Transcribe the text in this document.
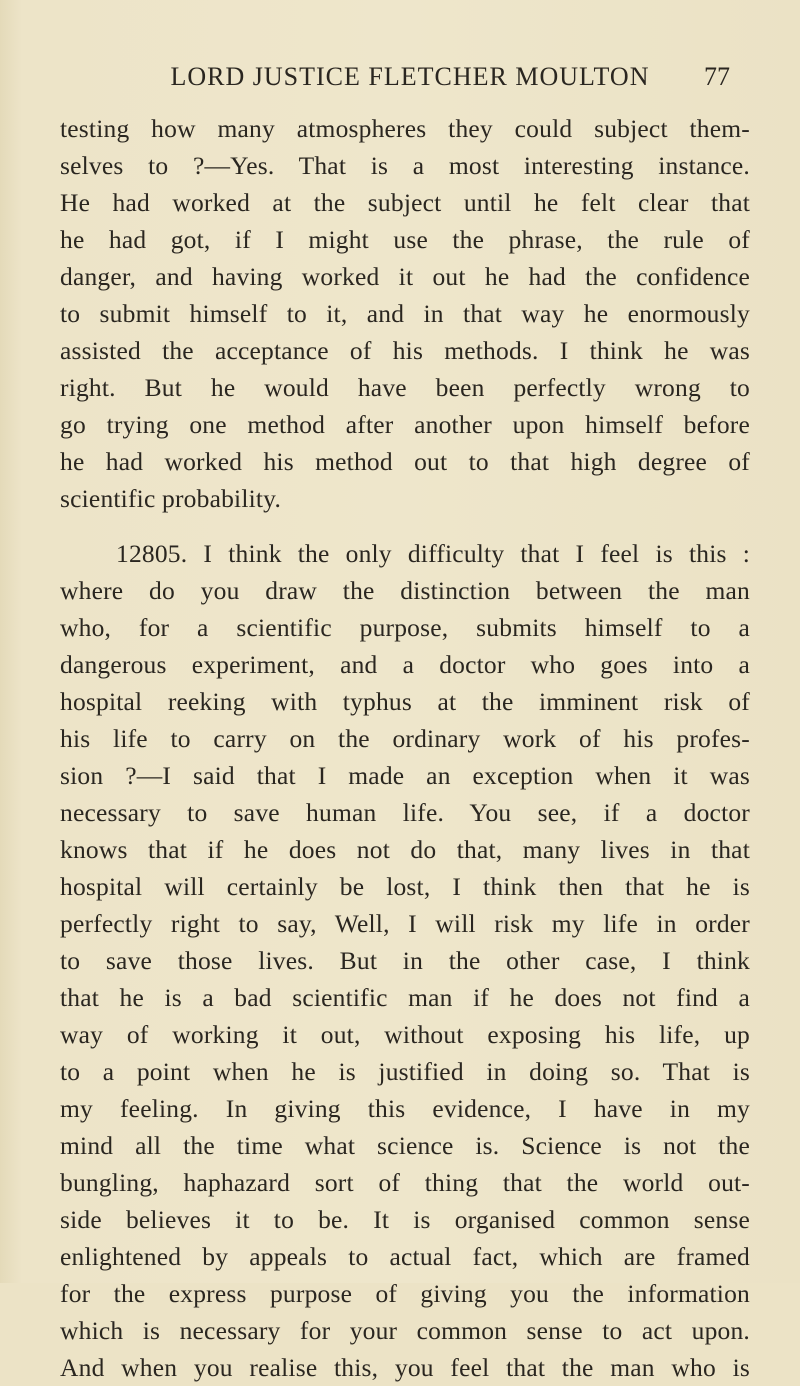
LORD JUSTICE FLETCHER MOULTON	77
testing how many atmospheres they could subject them-
selves to ?—Yes. That is a most interesting instance.
He had worked at the subject until he felt clear that
he had got, if I might use the phrase, the rule of
danger, and having worked it out he had the confidence
to submit himself to it, and in that way he enormously
assisted the acceptance of his methods. I think he was
right. But he would have been perfectly wrong to
go trying one method after another upon himself before
he had worked his method out to that high degree of
scientific probability.
12805. I think the only difficulty that I feel is this :
where do you draw the distinction between the man
who, for a scientific purpose, submits himself to a
dangerous experiment, and a doctor who goes into a
hospital reeking with typhus at the imminent risk of
his life to carry on the ordinary work of his profes-
sion ?—I said that I made an exception when it was
necessary to save human life. You see, if a doctor
knows that if he does not do that, many lives in that
hospital will certainly be lost, I think then that he is
perfectly right to say, Well, I will risk my life in order
to save those lives. But in the other case, I think
that he is a bad scientific man if he does not find a
way of working it out, without exposing his life, up
to a point when he is justified in doing so. That is
my feeling. In giving this evidence, I have in my
mind all the time what science is. Science is not the
bungling, haphazard sort of thing that the world out-
side believes it to be. It is organised common sense
enlightened by appeals to actual fact, which are framed
for the express purpose of giving you the information
which is necessary for your common sense to act upon.
And when you realise this, you feel that the man who is
